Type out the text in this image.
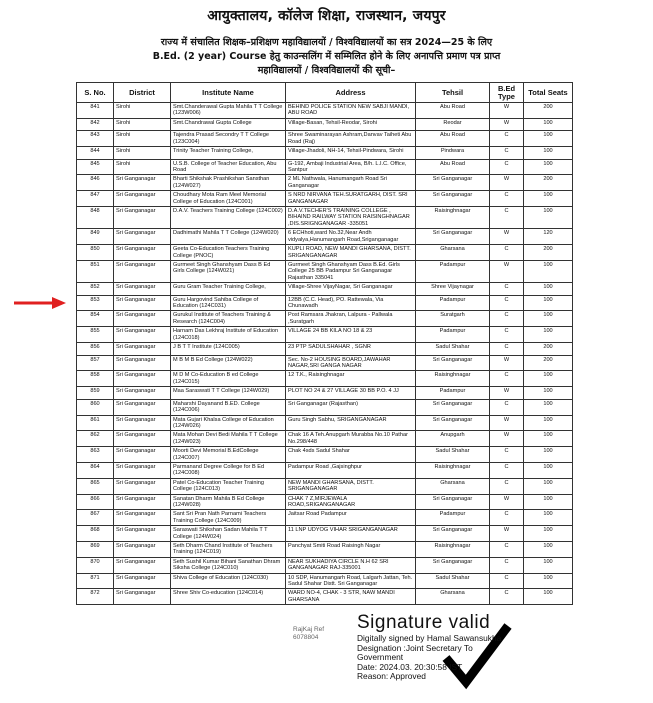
आयुक्तालय, कॉलेज शिक्षा, राजस्थान, जयपुर
राज्य में संचालित शिक्षक–प्रशिक्षण महाविद्यालयों / विश्वविद्यालयों का सत्र 2024—25 के लिए
B.Ed. (2 year) Course हेतु काउन्सलिंग में सम्मिलित होने के लिए अनापत्ति प्रमाण पत्र प्राप्त
महाविद्यालयों / विश्वविद्यालयों की सूची–
S. No.	District	Institute Name	Address	Tehsil	B.Ed Type	Total Seats
841	Sirohi	Smt.Chanderawal Gupta Mahila T T College (123W006)	BEHIND POLICE STATION NEW SABJI MANDI, ABU ROAD	Abu Road	W	200
842	Sirohi	Smt.Chandrawal Gupta College	Village-Basan, Tehsil-Reodar, Sirohi	Reodar	W	100
843	Sirohi	Tajendra Prasad Secondry T T College (123C004)	Shree Swaminarayan Ashram,Danvav Taiheti Abu Road (Raj)	Abu Road	C	100
844	Sirohi	Trinity Teacher Training College,	Village-Jhadoli, NH-14, Tehsil-Pindwara, Sirohi	Pindwara	C	100
845	Sirohi	U.S.B. College of Teacher Education, Abu Road	G-192, Ambaji Industrial Area, B/h. L.I.C. Office, Santpur	Abu Road	C	100
846	Sri Ganganagar	Bharti Shikshak Prashikshan Sansthan (124W027)	2 ML Nathwala, Hanumangarh Road Sri Ganganagar	Sri Ganganagar	W	200
847	Sri Ganganagar	Choudhary Mota Ram Meel Memorial College of Education (124C001)	S NRD NIRVANA TEH.SURATGARH, DIST. SRI GANGANAGAR	Sri Ganganagar	C	100
848	Sri Ganganagar	D.A.V. Teachers Training College (124C002)	D.A.V.TECHER'S TRAINING COLLEGE , BIHAIND RAILWAY STATION RAISINGHNAGAR ,DIS.SRIGNGANAGAR -335051	Raisinghnagar	C	100
849	Sri Ganganagar	Dadhimathi Mahila T T College (124W020)	6 ECHhoti,ward No.32,Near Andh vidyalya,Hanumangarh Road,Sriganganagar	Sri Ganganagar	W	120
850	Sri Ganganagar	Geeta Co-Education Teachers Training College (PNOC)	KUPLI ROAD, NEW MANDI GHARSANA, DISTT. SRIGANGANAGAR	Gharsana	C	200
851	Sri Ganganagar	Gurmeet Singh Ghanshyam Dass B Ed Girls College (124W021)	Gurmeet Singh Ghanshyam Dass B.Ed. Girls College 25 BB Padampur Sri Ganganagar Rajasthan 335041	Padampur	W	100
852	Sri Ganganagar	Guru Gram Teacher Training College,	Village-Shree VijayNagar, Sri Ganganagar	Shree Vijaynagar	C	100
853	Sri Ganganagar	Guru Hargovind Sahiba College of Education (124C031)	12BB (C.C. Head), PO. Rattewala, Via Chunawadh	Padampur	C	100
854	Sri Ganganagar	Gurukul Institute of Teachers Training & Research (124C004)	Post Ramsara Jhakran, Lalpura - Pallwala ,Suratgarh	Suratgarh	C	100
855	Sri Ganganagar	Harnam Das Lekhraj Institute of Education (124C018)	VILLAGE 24 BB KILA NO 18 & 23	Padampur	C	100
856	Sri Ganganagar	J B T T Institute (124C005)	23 PTP SADULSHAHAR , SGNR	Sadul Shahar	C	200
857	Sri Ganganagar	M B M B Ed College (124W022)	Sec. No-2 HOUSING BOARD,JAWAHAR NAGAR,SRI GANGA NAGAR	Sri Ganganagar	W	200
858	Sri Ganganagar	M D M Co-Education B ed College (124C015)	12 T.K., Raisinghnagar	Raisinghnagar	C	100
859	Sri Ganganagar	Maa Saraswati T T College (124W029)	PLOT NO 24 & 27 VILLAGE 30 BB P.O. 4 JJ	Padampur	W	100
860	Sri Ganganagar	Maharshi Dayanand B.ED. College (124C006)	Sri Ganganagar (Rajasthan)	Sri Ganganagar	C	100
861	Sri Ganganagar	Mata Gujari Khalsa College of Education (124W026)	Guru Singh Sabhu, SRIGANGANAGAR	Sri Ganganagar	W	100
862	Sri Ganganagar	Mata Mohan Devi Bedi Mahila T T College (124W023)	Chak 16 A Teh.Anupgarh Murabba No.10 Pathar No.298/448	Anupgarh	W	100
863	Sri Ganganagar	Moorti Devi Memorial B.EdCollege (124C007)	Chak 4sds Sadul Shahar	Sadul Shahar	C	100
864	Sri Ganganagar	Parmanand Degree College for B Ed (124C008)	Padampur Road ,Gajsinghpur	Raisinghnagar	C	100
865	Sri Ganganagar	Patel Co-Education Teacher Training College (124C013)	NEW MANDI GHARSANA, DISTT. SRIGANGANAGAR	Gharsana	C	100
866	Sri Ganganagar	Sanatan Dharm Mahila B Ed College (124W028)	CHAK 7 Z,MIRJEWALA ROAD,SRIGANGANAGAR	Sri Ganganagar	W	100
867	Sri Ganganagar	Sant Sri Pran Nath Parnami Teachers Training College (124C009)	Jaitsar Road Padampur	Padampur	C	100
868	Sri Ganganagar	Saraswati Shikshan Sadan Mahila T T College (124W024)	11 LNP UDYOG VIHAR SRIGANGANAGAR	Sri Ganganagar	W	100
869	Sri Ganganagar	Seth Dharm Chand Institute of Teachers Training (124C019)	Panchyat Smiti Road Raisingh Nagar	Raisinghnagar	C	100
870	Sri Ganganagar	Seth Sushil Kumar Bihani Sanathan Dhram Siksha College (124C010)	NEAR SUKHADIYA CIRCLE N.H 62 SRI GANGANAGAR RAJ-335001	Sri Ganganagar	C	100
871	Sri Ganganagar	Shiva College of Education (124C030)	10 SDP, Hanumangarh Road, Lalgarh Jattan, Teh. Sadul Shahar Distt. Sri Ganganagar	Sadul Shahar	C	100
872	Sri Ganganagar	Shree Shiv Co-education (124C014)	WARD NO-4, CHAK - 3 STR, NAW MANDI GHARSANA	Gharsana	C	100
RajKaj Ref
6078804
Signature valid
Digitally signed by Hamal Sawansukha
Designation :Joint Secretary To
Government
Date: 2024.03. 20:30:58 IST
Reason: Approved
